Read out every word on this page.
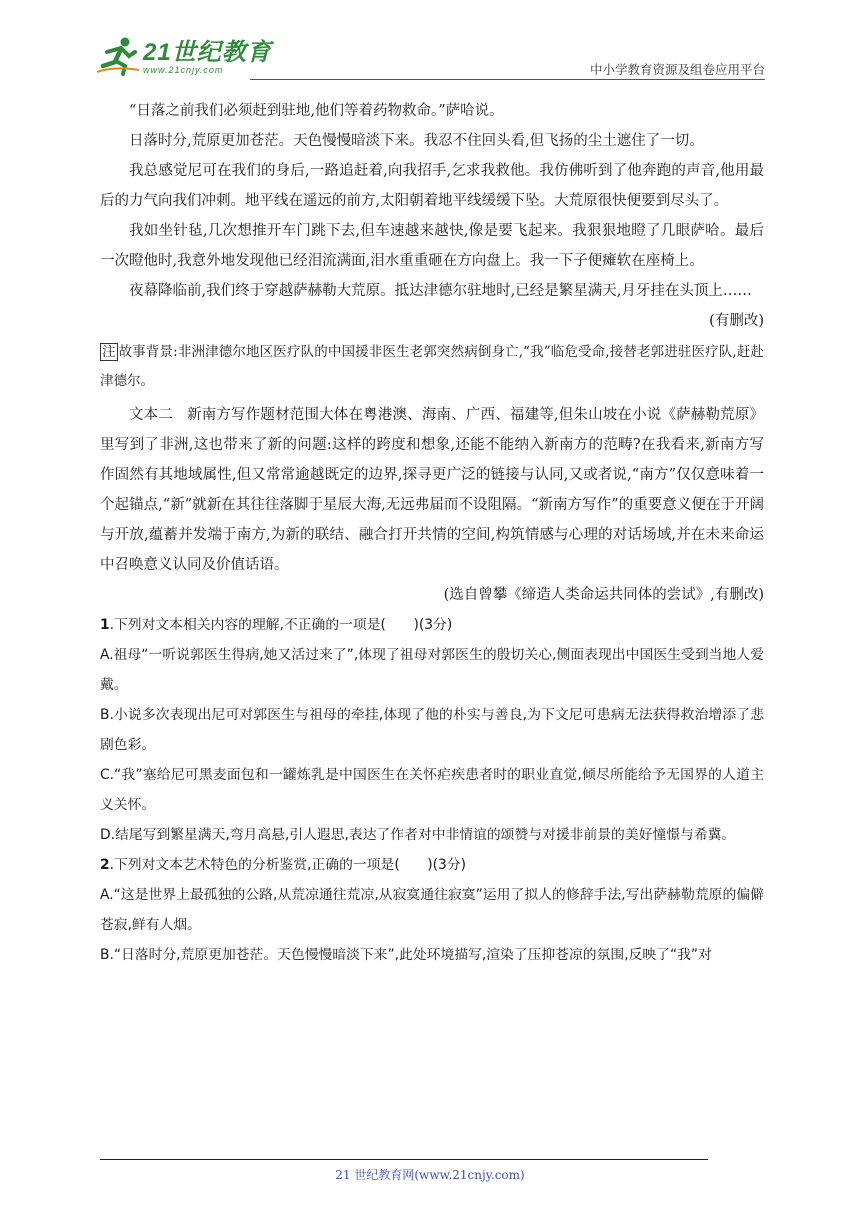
21世纪教育
www.21cnjy.com	中小学教育资源及组卷应用平台

“日落之前我们必须赶到驻地,他们等着药物救命。”萨哈说。

日落时分,荒原更加苍茫。天色慢慢暗淡下来。我忍不住回头看,但飞扬的尘土遮住了一切。

我总感觉尼可在我们的身后,一路追赶着,向我招手,乞求我救他。我仿佛听到了他奔跑的声音,他用最后的力气向我们冲刺。地平线在遥远的前方,太阳朝着地平线缓缓下坠。大荒原很快便要到尽头了。

我如坐针毡,几次想推开车门跳下去,但车速越来越快,像是要飞起来。我狠狠地瞪了几眼萨哈。最后一次瞪他时,我意外地发现他已经泪流满面,泪水重重砸在方向盘上。我一下子便瘫软在座椅上。

夜幕降临前,我们终于穿越萨赫勒大荒原。抵达津德尔驻地时,已经是繁星满天,月牙挂在头顶上……

(有删改)

注 故事背景:非洲津德尔地区医疗队的中国援非医生老郭突然病倒身亡,“我”临危受命,接替老郭进驻医疗队,赶赴津德尔。

文本二 新南方写作题材范围大体在粤港澳、海南、广西、福建等,但朱山坡在小说《萨赫勒荒原》里写到了非洲,这也带来了新的问题:这样的跨度和想象,还能不能纳入新南方的范畴?在我看来,新南方写作固然有其地域属性,但又常常逾越既定的边界,探寻更广泛的链接与认同,又或者说,“南方”仅仅意味着一个起锚点,“新”就新在其往往落脚于星辰大海,无远弗届而不设阻隔。“新南方写作”的重要意义便在于开阔与开放,蕴蓄并发端于南方,为新的联结、融合打开共情的空间,构筑情感与心理的对话场域,并在未来命运中召唤意义认同及价值话语。

(选自曾攀《缔造人类命运共同体的尝试》,有删改)

1.下列对文本相关内容的理解,不正确的一项是(　　)(3分)

A.祖母“一听说郭医生得病,她又活过来了”,体现了祖母对郭医生的殷切关心,侧面表现出中国医生受到当地人爱戴。

B.小说多次表现出尼可对郭医生与祖母的牵挂,体现了他的朴实与善良,为下文尼可患病无法获得救治增添了悲剧色彩。

C.“我”塞给尼可黑麦面包和一罐炼乳是中国医生在关怀疟疾患者时的职业直觉,倾尽所能给予无国界的人道主义关怀。

D.结尾写到繁星满天,弯月高悬,引人遐思,表达了作者对中非情谊的颂赞与对援非前景的美好憧憬与希冀。

2.下列对文本艺术特色的分析鉴赏,正确的一项是(　　)(3分)

A.“这是世界上最孤独的公路,从荒凉通往荒凉,从寂寞通往寂寞”运用了拟人的修辞手法,写出萨赫勒荒原的偏僻苍寂,鲜有人烟。

B.“日落时分,荒原更加苍茫。天色慢慢暗淡下来”,此处环境描写,渲染了压抑苍凉的氛围,反映了“我”对

21 世纪教育网(www.21cnjy.com)
